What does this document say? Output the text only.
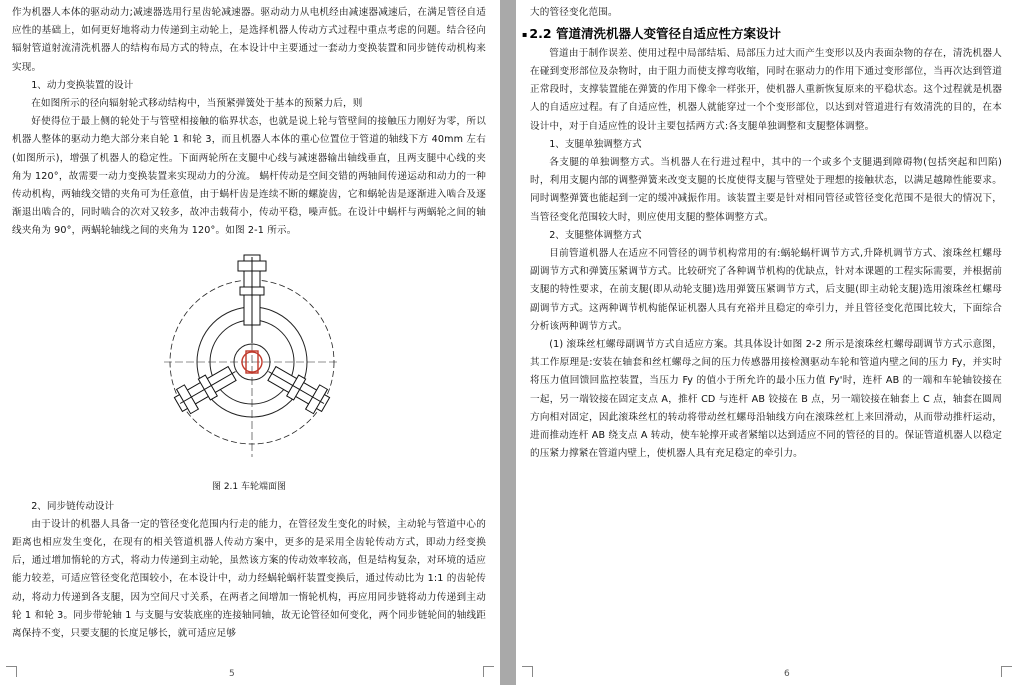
作为机器人本体的驱动动力;减速器选用行星齿轮减速器。驱动动力从电机经由减速器减速后，在满足管径自适应性的基础上，如何更好地将动力传递到主动轮上，是选择机器人传动方式过程中重点考虑的问题。结合径向辐射管道射流清洗机器人的结构布局方式的特点，在本设计中主要通过一套动力变换装置和同步链传动机构来实现。

1、动力变换装置的设计

在如图所示的径向辐射轮式移动结构中，当预紧弹簧处于基本的预紧力后，则

好使得位于最上侧的轮处于与管壁相接触的临界状态，也就是说上轮与管壁间的接触压力刚好为零，所以机器人整体的驱动力绝大部分来自轮 1 和轮 3，而且机器人本体的重心位置位于管道的轴线下方 40mm 左右(如图所示)，增强了机器人的稳定性。下面两轮所在支腿中心线与减速器输出轴线垂直，且两支腿中心线的夹角为 120°，故需要一动力变换装置来实现动力的分流。 蜗杆传动是空间交错的两轴间传递运动和动力的一种传动机构，两轴线交错的夹角可为任意值，由于蜗杆齿是连续不断的螺旋齿，它和蜗轮齿是逐渐进入啮合及逐渐退出啮合的，同时啮合的次对又较多，故冲击载荷小，传动平稳，噪声低。在设计中蜗杆与两蜗轮之间的轴线夹角为 90°，两蜗轮轴线之间的夹角为 120°。如图 2-1 所示。

图 2.1 车轮端面图

2、同步链传动设计

由于设计的机器人具备一定的管径变化范围内行走的能力，在管径发生变化的时候，主动轮与管道中心的距离也相应发生变化，在现有的相关管道机器人传动方案中，更多的是采用全齿轮传动方式，即动力经变换后，通过增加惰轮的方式，将动力传递到主动轮，虽然该方案的传动效率较高，但是结构复杂，对环境的适应能力较差，可适应管径变化范围较小，在本设计中，动力经蜗轮蜗杆装置变换后，通过传动比为 1:1 的齿轮传动，将动力传递到各支腿，因为空间尺寸关系，在两者之间增加一惰轮机构，再应用同步链将动力传递到主动轮 1 和轮 3。同步带轮轴 1 与支腿与安装底座的连接轴同轴，故无论管径如何变化，两个同步链轮间的轴线距离保持不变，只要支腿的长度足够长，就可适应足够

5

大的管径变化范围。

▪ 2.2 管道清洗机器人变管径自适应性方案设计

管道由于制作误差、使用过程中局部结垢、局部压力过大而产生变形以及内表面杂物的存在，清洗机器人在碰到变形部位及杂物时，由于阻力而使支撑弯收缩，同时在驱动力的作用下通过变形部位，当再次达到管道正常段时，支撑装置能在弹簧的作用下像伞一样张开，使机器人重新恢复原来的平稳状态。这个过程就是机器人的自适应过程。有了自适应性，机器人就能穿过一个个变形部位，以达到对管道进行有效清洗的目的，在本设计中，对于自适应性的设计主要包括两方式:各支腿单独调整和支腿整体调整。

1、支腿单独调整方式

各支腿的单独调整方式。当机器人在行进过程中，其中的一个或多个支腿遇到障碍物(包括突起和凹陷)时，利用支腿内部的调整弹簧来改变支腿的长度使得支腿与管壁处于理想的接触状态，以满足越障性能要求。同时调整弹簧也能起到一定的缓冲减振作用。该装置主要是针对相同管径或管径变化范围不是很大的情况下，当管径变化范围较大时，则应使用支腿的整体调整方式。

2、支腿整体调整方式

目前管道机器人在适应不同管径的调节机构常用的有:蜗轮蜗杆调节方式,升降机调节方式、滚珠丝杠螺母副调节方式和弹簧压紧调节方式。比较研究了各种调节机构的优缺点，针对本课题的工程实际需要，并根据前支腿的特性要求，在前支腿(即从动轮支腿)选用弹簧压紧调节方式，后支腿(即主动轮支腿)选用滚珠丝杠螺母副调节方式。这两种调节机构能保证机器人具有充裕并且稳定的牵引力，并且管径变化范围比较大，下面综合分析该两种调节方式。

(1) 滚珠丝杠螺母副调节方式自适应方案。其具体设计如图 2-2 所示是滚珠丝杠螺母副调节方式示意图，其工作原理是:安装在轴套和丝杠螺母之间的压力传感器用接检测驱动车轮和管道内壁之间的压力 Fy，并实时将压力值回馈回监控装置，当压力 Fy 的值小于所允许的最小压力值 Fy'时，连杆 AB 的一端和车轮轴铰接在一起，另一端铰接在固定支点 A，推杆 CD 与连杆 AB 铰接在 B 点，另一端铰接在轴套上 C 点，轴套在圆周方向相对固定，因此滚珠丝杠的转动将带动丝杠螺母沿轴线方向在滚珠丝杠上来回滑动，从而带动推杆运动，进而推动连杆 AB 绕支点 A 转动，使车轮撑开或者紧缩以达到适应不同的管径的目的。保证管道机器人以稳定的压紧力撑紧在管道内壁上，使机器人具有充足稳定的牵引力。

6
